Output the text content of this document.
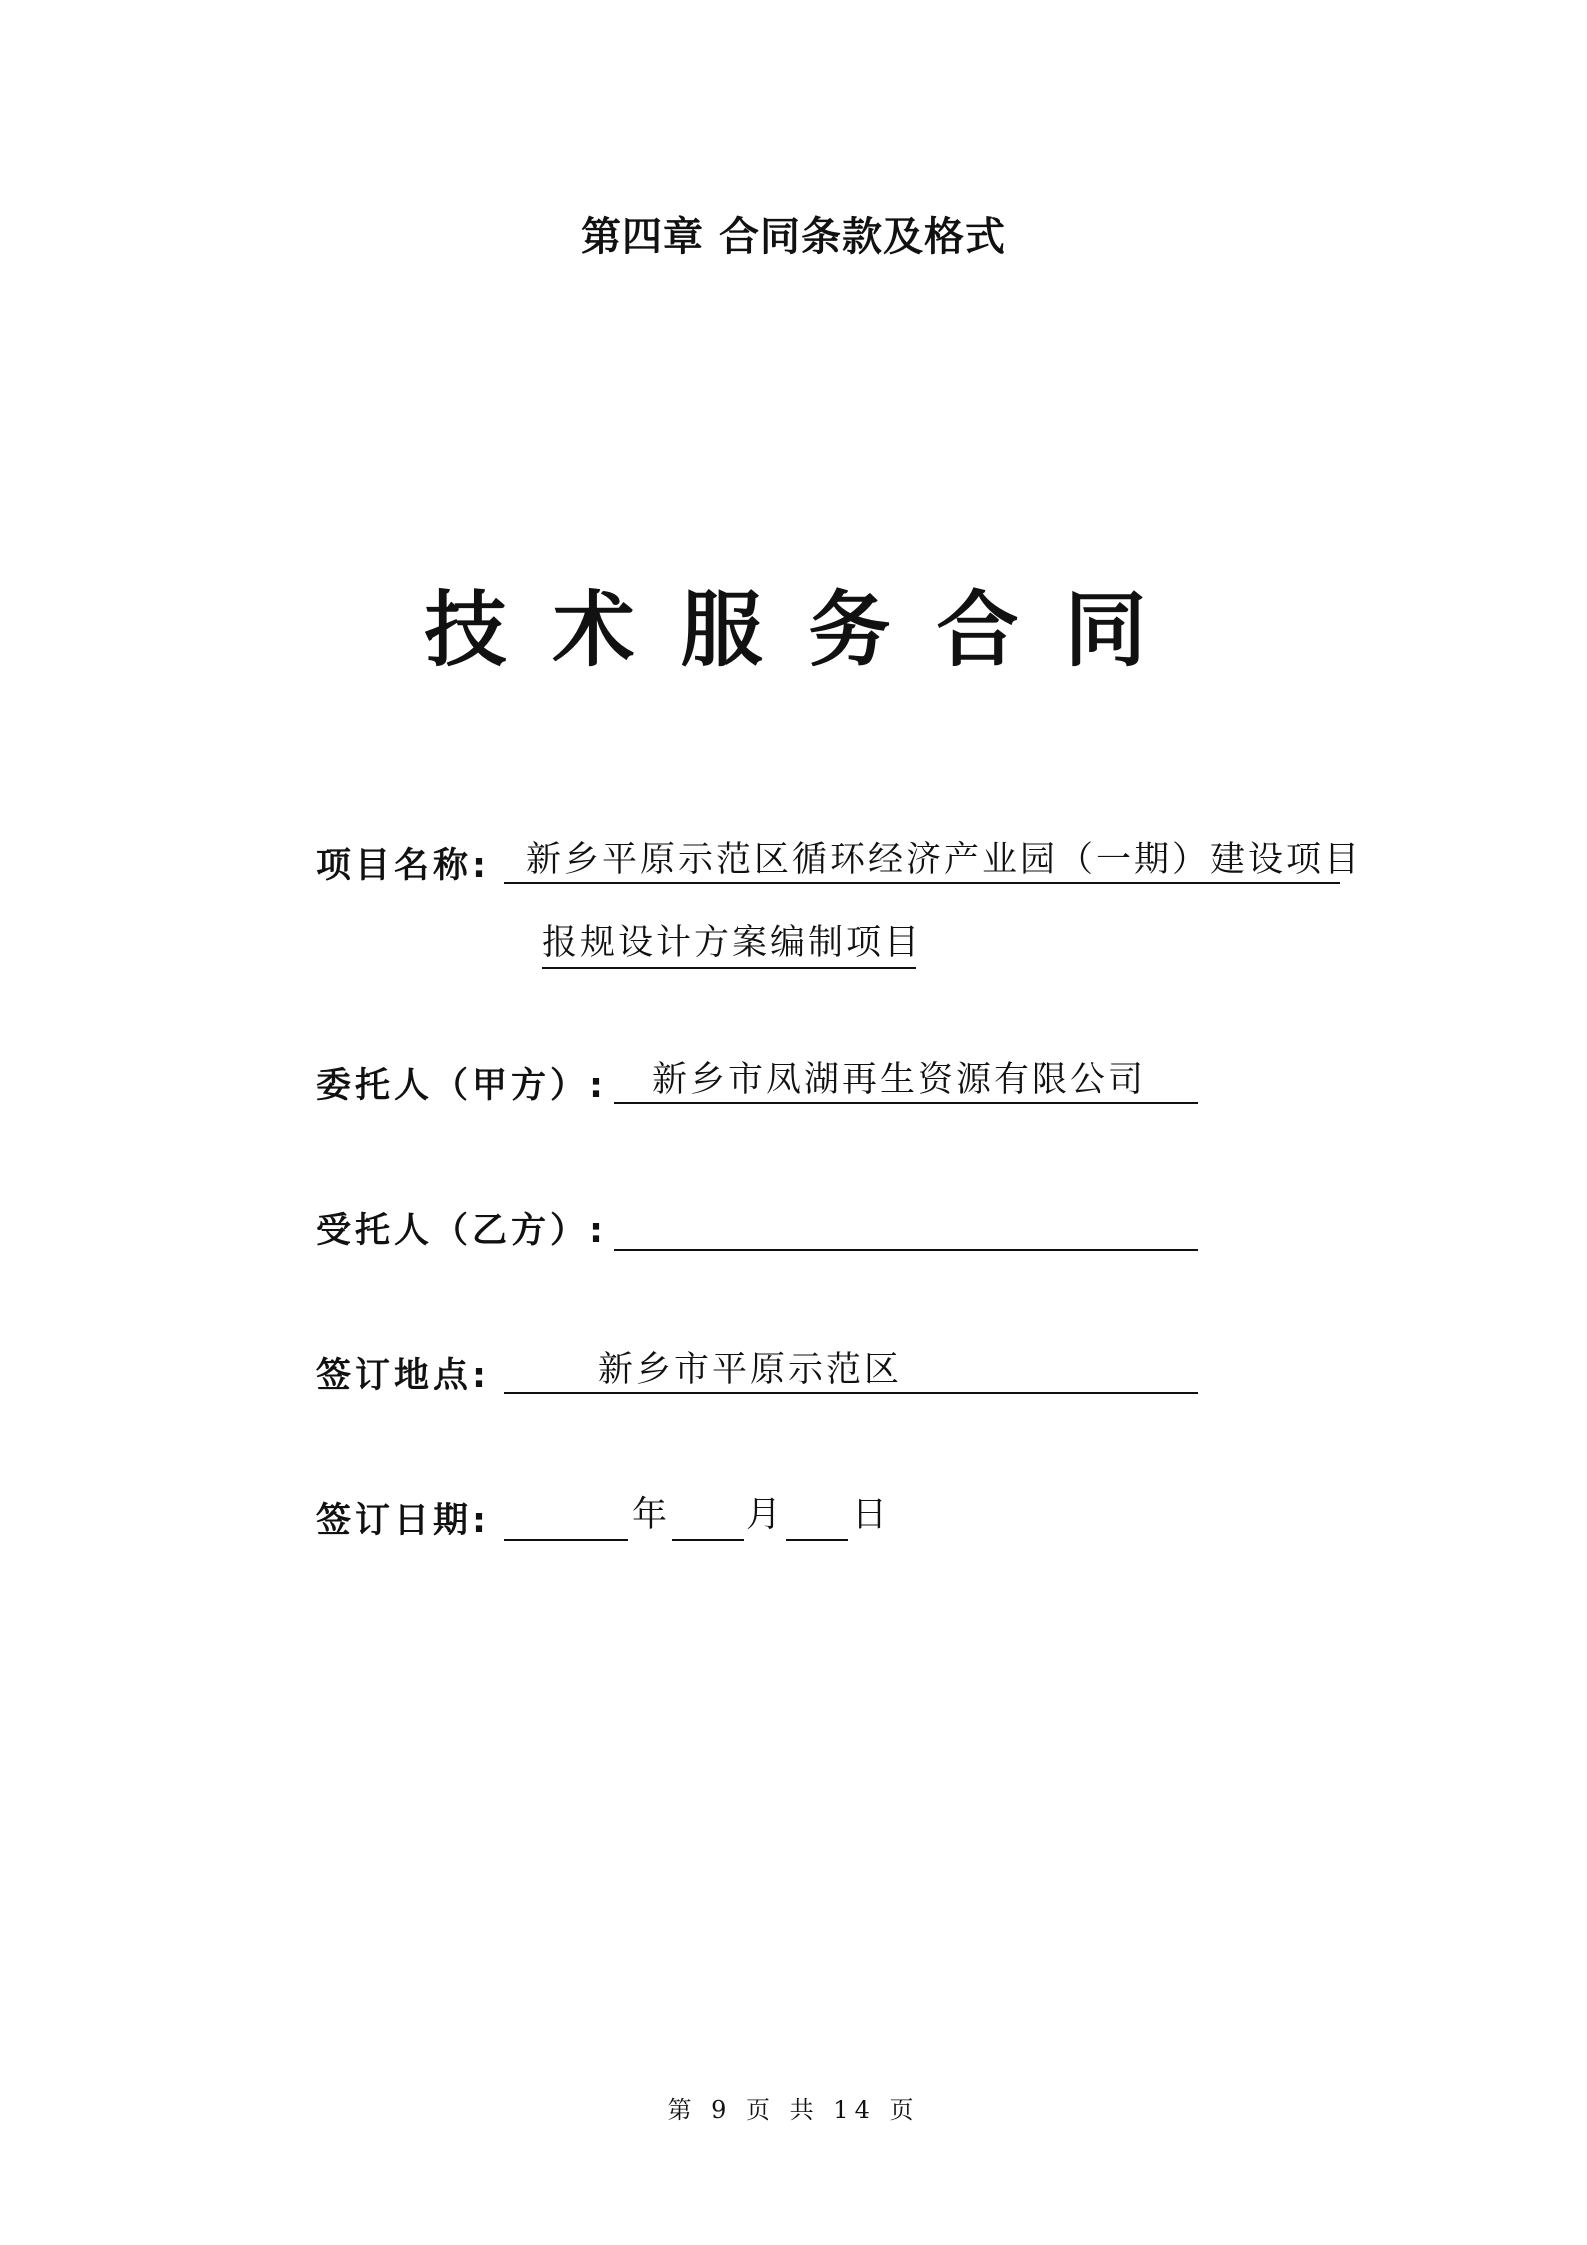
第四章 合同条款及格式
技术服务合同
项目名称:	新乡平原示范区循环经济产业园（一期）建设项目
报规设计方案编制项目
委托人（甲方）:	新乡市凤湖再生资源有限公司
受托人（乙方）:
签订地点:	新乡市平原示范区
签订日期:	年 月 日
第 9 页 共 14 页
